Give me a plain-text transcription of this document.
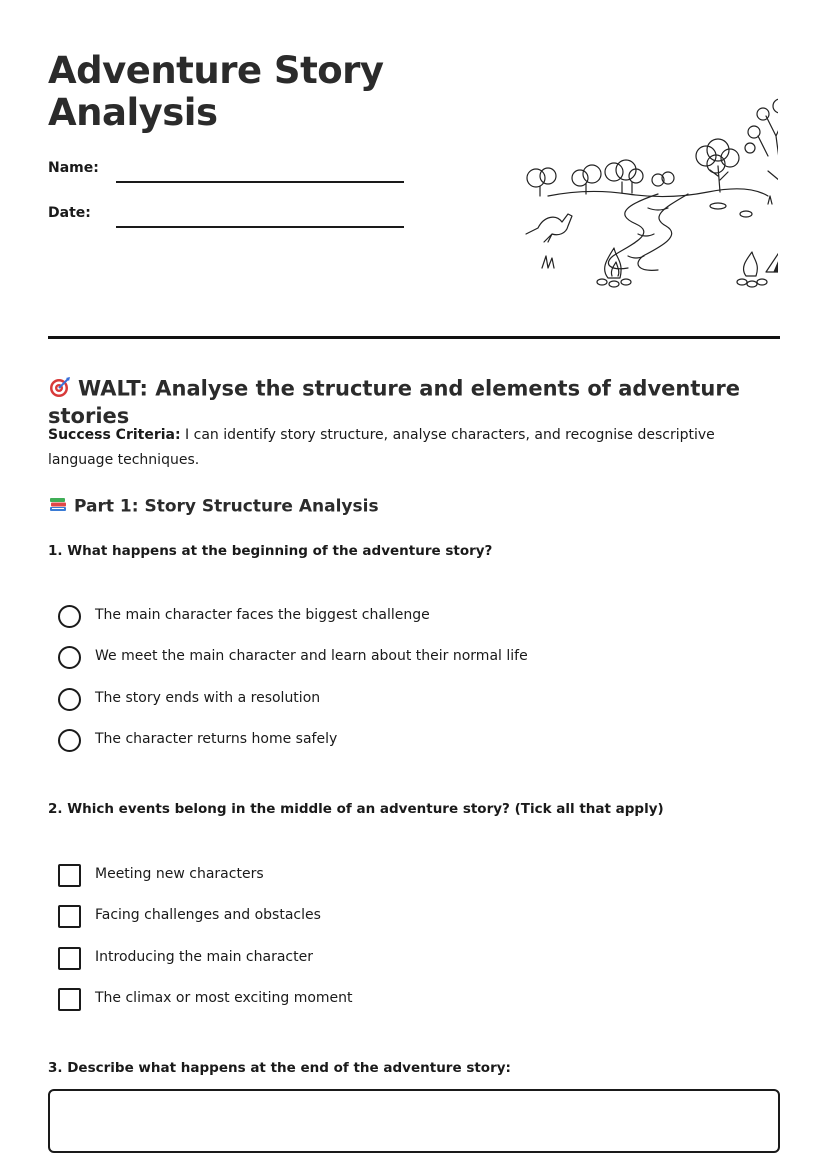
Adventure Story Analysis
Name:
Date:
WALT: Analyse the structure and elements of adventure stories
Success Criteria: I can identify story structure, analyse characters, and recognise descriptive language techniques.
Part 1: Story Structure Analysis
1. What happens at the beginning of the adventure story?
The main character faces the biggest challenge
We meet the main character and learn about their normal life
The story ends with a resolution
The character returns home safely
2. Which events belong in the middle of an adventure story? (Tick all that apply)
Meeting new characters
Facing challenges and obstacles
Introducing the main character
The climax or most exciting moment
3. Describe what happens at the end of the adventure story:
